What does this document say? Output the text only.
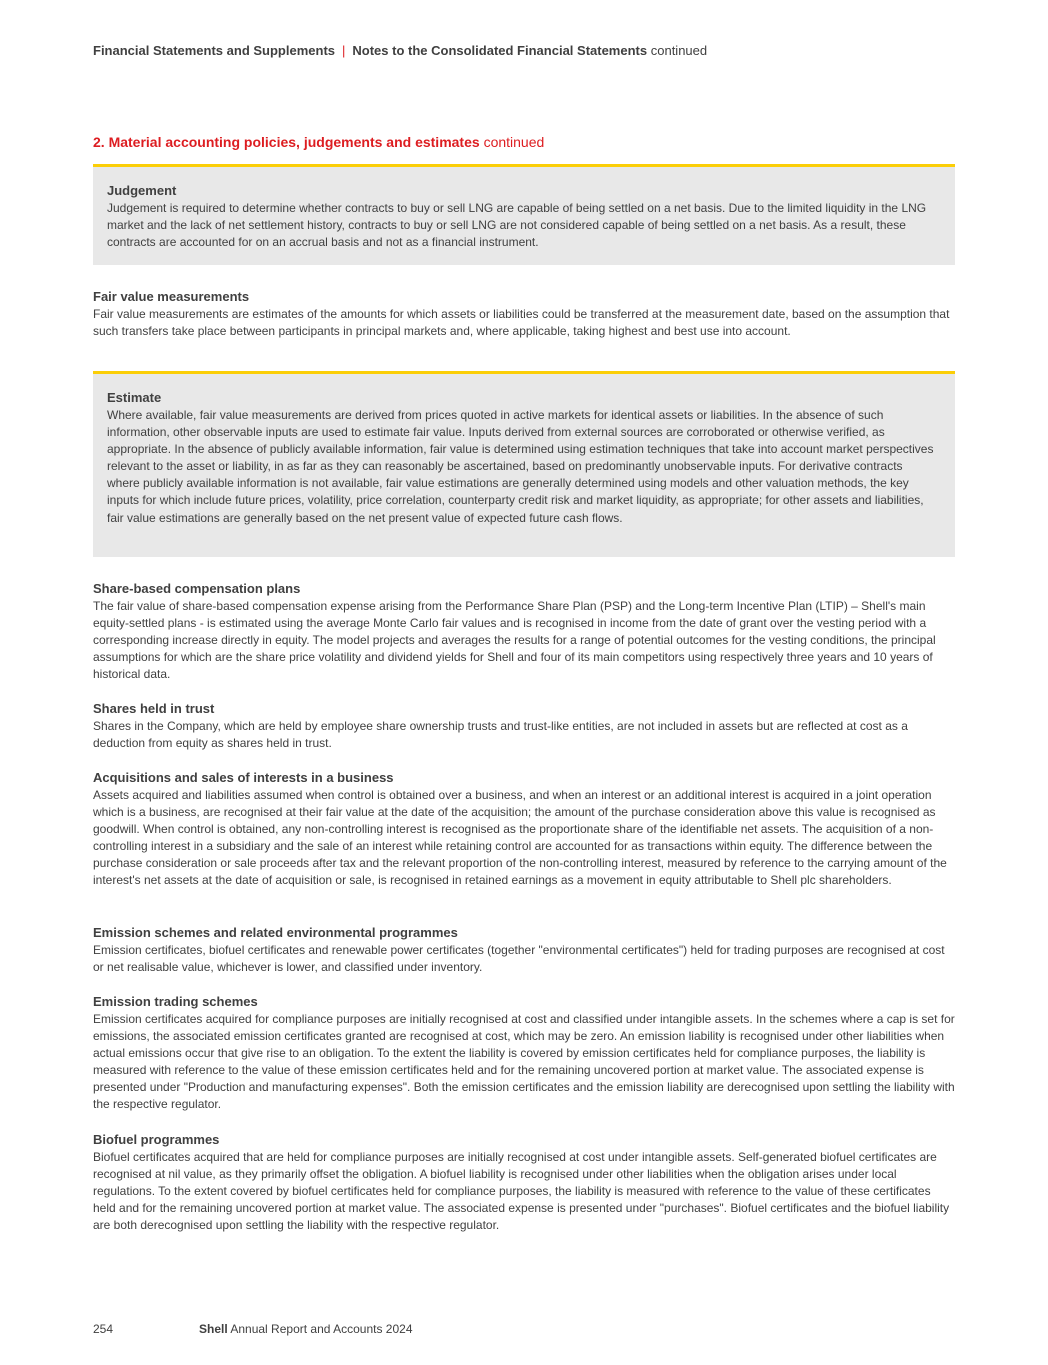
Financial Statements and Supplements | Notes to the Consolidated Financial Statements continued
2. Material accounting policies, judgements and estimates continued
Judgement

Judgement is required to determine whether contracts to buy or sell LNG are capable of being settled on a net basis. Due to the limited liquidity in the LNG market and the lack of net settlement history, contracts to buy or sell LNG are not considered capable of being settled on a net basis. As a result, these contracts are accounted for on an accrual basis and not as a financial instrument.

Fair value measurements

Fair value measurements are estimates of the amounts for which assets or liabilities could be transferred at the measurement date, based on the assumption that such transfers take place between participants in principal markets and, where applicable, taking highest and best use into account.

Estimate

Where available, fair value measurements are derived from prices quoted in active markets for identical assets or liabilities. In the absence of such information, other observable inputs are used to estimate fair value. Inputs derived from external sources are corroborated or otherwise verified, as appropriate. In the absence of publicly available information, fair value is determined using estimation techniques that take into account market perspectives relevant to the asset or liability, in as far as they can reasonably be ascertained, based on predominantly unobservable inputs. For derivative contracts where publicly available information is not available, fair value estimations are generally determined using models and other valuation methods, the key inputs for which include future prices, volatility, price correlation, counterparty credit risk and market liquidity, as appropriate; for other assets and liabilities, fair value estimations are generally based on the net present value of expected future cash flows.

Share-based compensation plans

The fair value of share-based compensation expense arising from the Performance Share Plan (PSP) and the Long-term Incentive Plan (LTIP) – Shell's main equity-settled plans - is estimated using the average Monte Carlo fair values and is recognised in income from the date of grant over the vesting period with a corresponding increase directly in equity. The model projects and averages the results for a range of potential outcomes for the vesting conditions, the principal assumptions for which are the share price volatility and dividend yields for Shell and four of its main competitors using respectively three years and 10 years of historical data.

Shares held in trust

Shares in the Company, which are held by employee share ownership trusts and trust-like entities, are not included in assets but are reflected at cost as a deduction from equity as shares held in trust.

Acquisitions and sales of interests in a business

Assets acquired and liabilities assumed when control is obtained over a business, and when an interest or an additional interest is acquired in a joint operation which is a business, are recognised at their fair value at the date of the acquisition; the amount of the purchase consideration above this value is recognised as goodwill. When control is obtained, any non-controlling interest is recognised as the proportionate share of the identifiable net assets. The acquisition of a non-controlling interest in a subsidiary and the sale of an interest while retaining control are accounted for as transactions within equity. The difference between the purchase consideration or sale proceeds after tax and the relevant proportion of the non-controlling interest, measured by reference to the carrying amount of the interest's net assets at the date of acquisition or sale, is recognised in retained earnings as a movement in equity attributable to Shell plc shareholders.

Emission schemes and related environmental programmes

Emission certificates, biofuel certificates and renewable power certificates (together "environmental certificates") held for trading purposes are recognised at cost or net realisable value, whichever is lower, and classified under inventory.

Emission trading schemes

Emission certificates acquired for compliance purposes are initially recognised at cost and classified under intangible assets. In the schemes where a cap is set for emissions, the associated emission certificates granted are recognised at cost, which may be zero. An emission liability is recognised under other liabilities when actual emissions occur that give rise to an obligation. To the extent the liability is covered by emission certificates held for compliance purposes, the liability is measured with reference to the value of these emission certificates held and for the remaining uncovered portion at market value. The associated expense is presented under "Production and manufacturing expenses". Both the emission certificates and the emission liability are derecognised upon settling the liability with the respective regulator.

Biofuel programmes

Biofuel certificates acquired that are held for compliance purposes are initially recognised at cost under intangible assets. Self-generated biofuel certificates are recognised at nil value, as they primarily offset the obligation. A biofuel liability is recognised under other liabilities when the obligation arises under local regulations. To the extent covered by biofuel certificates held for compliance purposes, the liability is measured with reference to the value of these certificates held and for the remaining uncovered portion at market value. The associated expense is presented under "purchases". Biofuel certificates and the biofuel liability are both derecognised upon settling the liability with the respective regulator.

254	Shell Annual Report and Accounts 2024
